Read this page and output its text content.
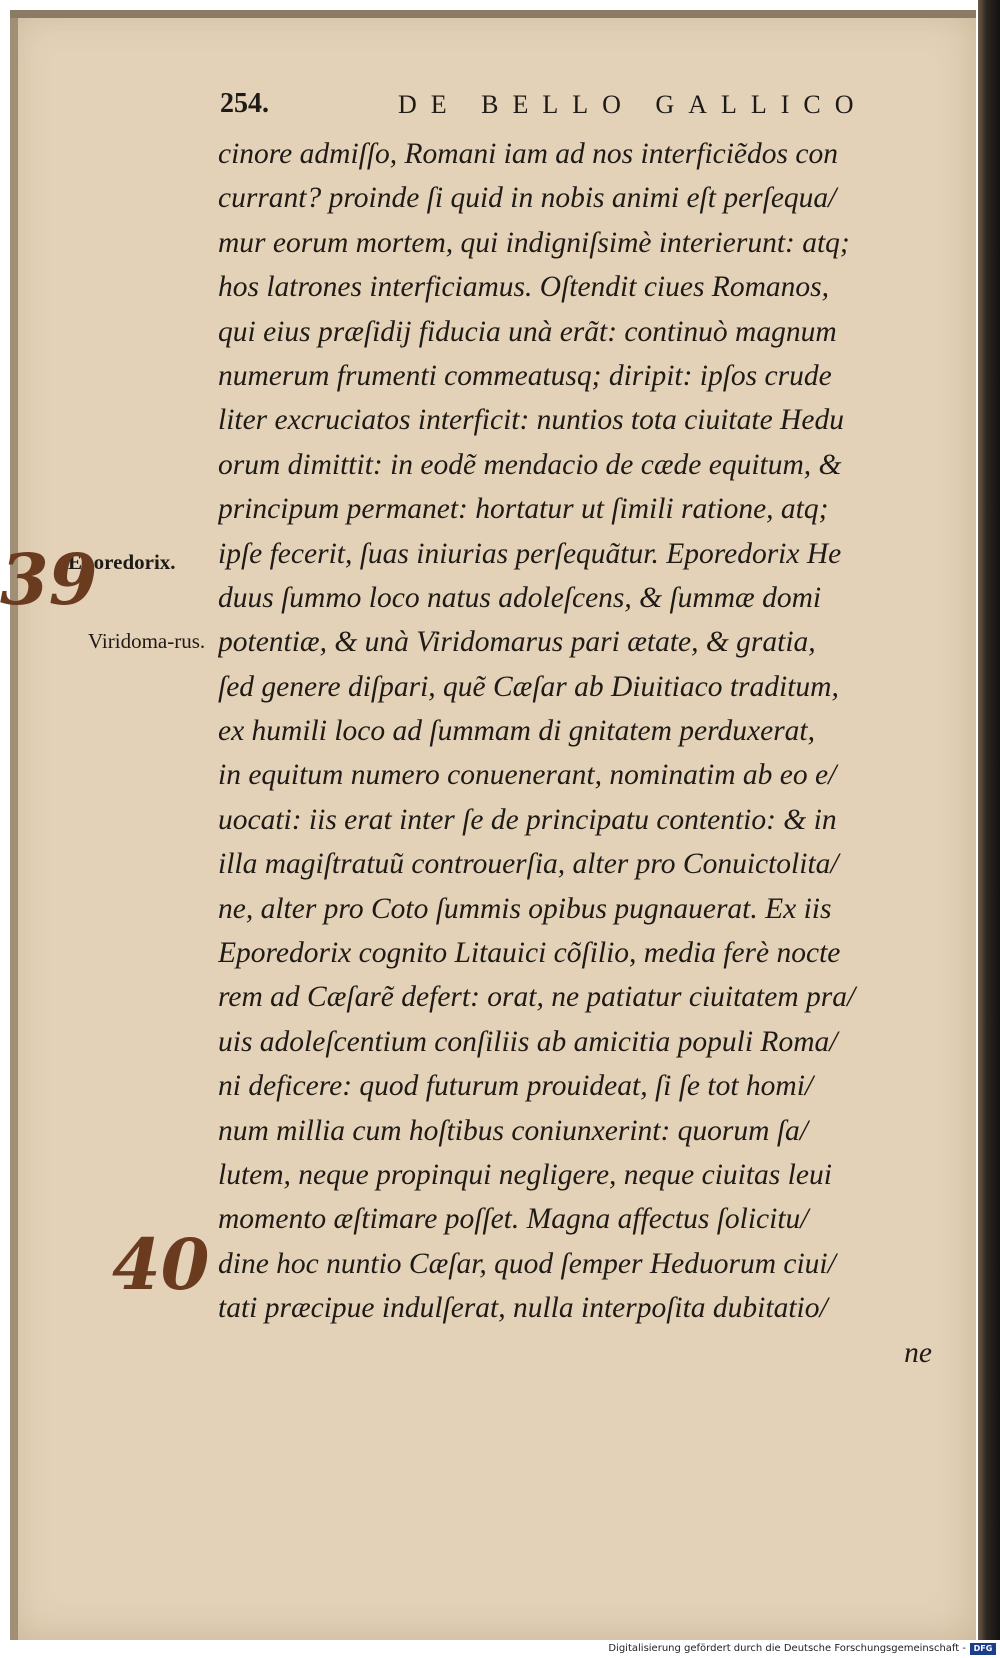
254.	DE BELLO GALLICO
cinore admiſſo, Romani iam ad nos interficiẽdos con
currant? proinde ſi quid in nobis animi eſt perſequa/
mur eorum mortem, qui indigniſsimè interierunt: atq;
hos latrones interficiamus. Oſtendit ciues Romanos,
qui eius præſidij fiducia unà erãt: continuò magnum
numerum frumenti commeatusq; diripit: ipſos crude
liter excruciatos interficit: nuntios tota ciuitate Hedu
orum dimittit: in eodẽ mendacio de cæde equitum, &
principum permanet: hortatur ut ſimili ratione, atq;
ipſe fecerit, ſuas iniurias perſequãtur. Eporedorix He
duus ſummo loco natus adoleſcens, & ſummæ domi
potentiæ, & unà Viridomarus pari ætate, & gratia,
ſed genere diſpari, quẽ Cæſar ab Diuitiaco traditum,
ex humili loco ad ſummam di gnitatem perduxerat,
in equitum numero conuenerant, nominatim ab eo e/
uocati: iis erat inter ſe de principatu contentio: & in
illa magiſtratuũ controuerſia, alter pro Conuictolita/
ne, alter pro Coto ſummis opibus pugnauerat. Ex iis
Eporedorix cognito Litauici cõſilio, media ferè nocte
rem ad Cæſarẽ defert: orat, ne patiatur ciuitatem pra/
uis adoleſcentium conſiliis ab amicitia populi Roma/
ni deficere: quod futurum prouideat, ſi ſe tot homi/
num millia cum hoſtibus coniunxerint: quorum ſa/
lutem, neque propinqui negligere, neque ciuitas leui
momento æſtimare poſſet. Magna affectus ſolicitu/
dine hoc nuntio Cæſar, quod ſemper Heduorum ciui/
tati præcipue indulſerat, nulla interpoſita dubitatio/
ne
Eporedorix.
Viridoma-rus.
39
40
Digitalisierung gefördert durch die Deutsche Forschungsgemeinschaft - DFG
